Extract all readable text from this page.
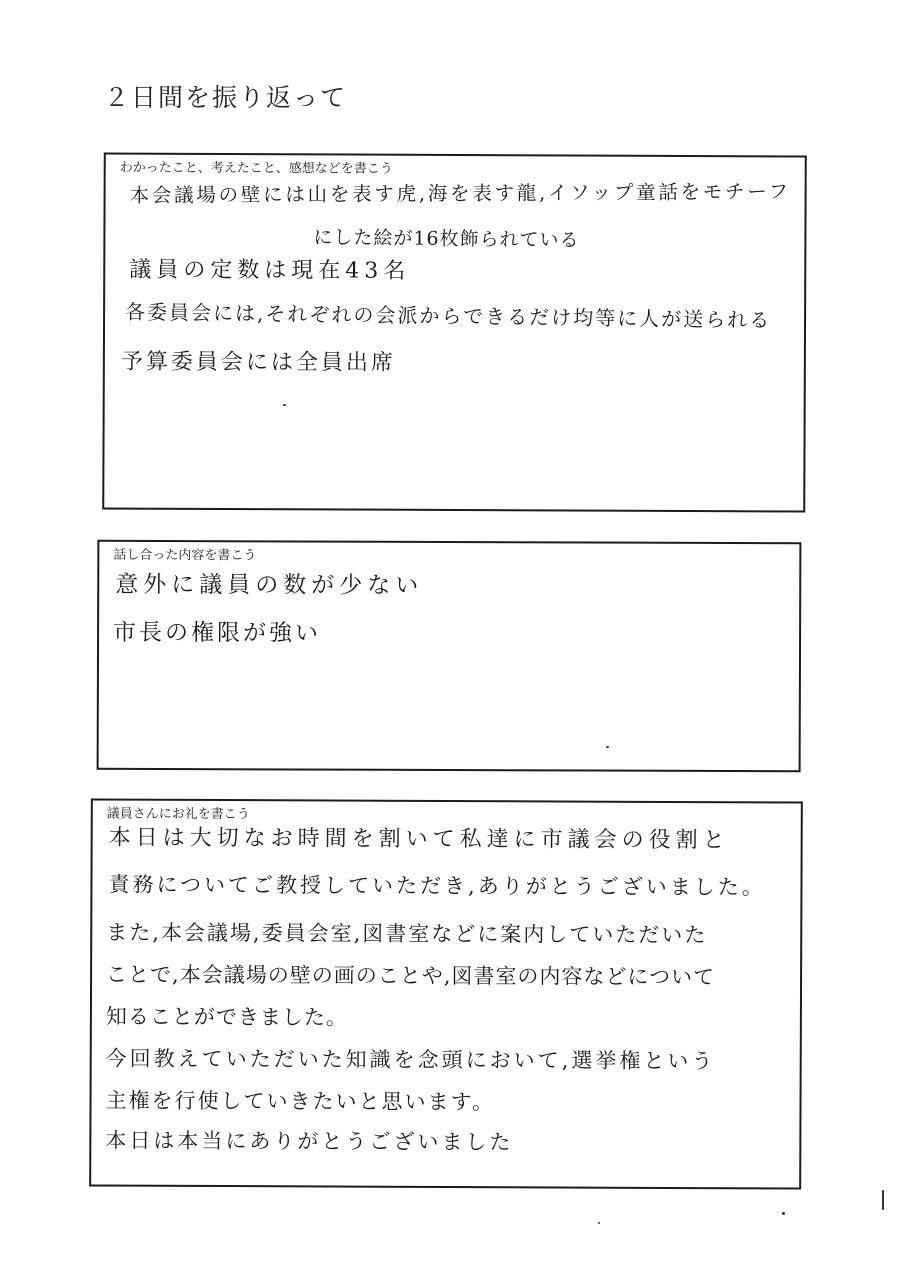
２日間を振り返って
わかったこと、考えたこと、感想などを書こう
本会議場の壁には山を表す虎,海を表す龍,イソップ童話をモチーフ
にした絵が16枚飾られている
議員の定数は現在43名
各委員会には,それぞれの会派からできるだけ均等に人が送られる
予算委員会には全員出席
話し合った内容を書こう
意外に議員の数が少ない
市長の権限が強い
議員さんにお礼を書こう
本日は大切なお時間を割いて私達に市議会の役割と
責務についてご教授していただき,ありがとうございました。
また,本会議場,委員会室,図書室などに案内していただいた
ことで,本会議場の壁の画のことや,図書室の内容などについて
知ることができました。
今回教えていただいた知識を念頭において,選挙権という
主権を行使していきたいと思います。
本日は本当にありがとうございました
